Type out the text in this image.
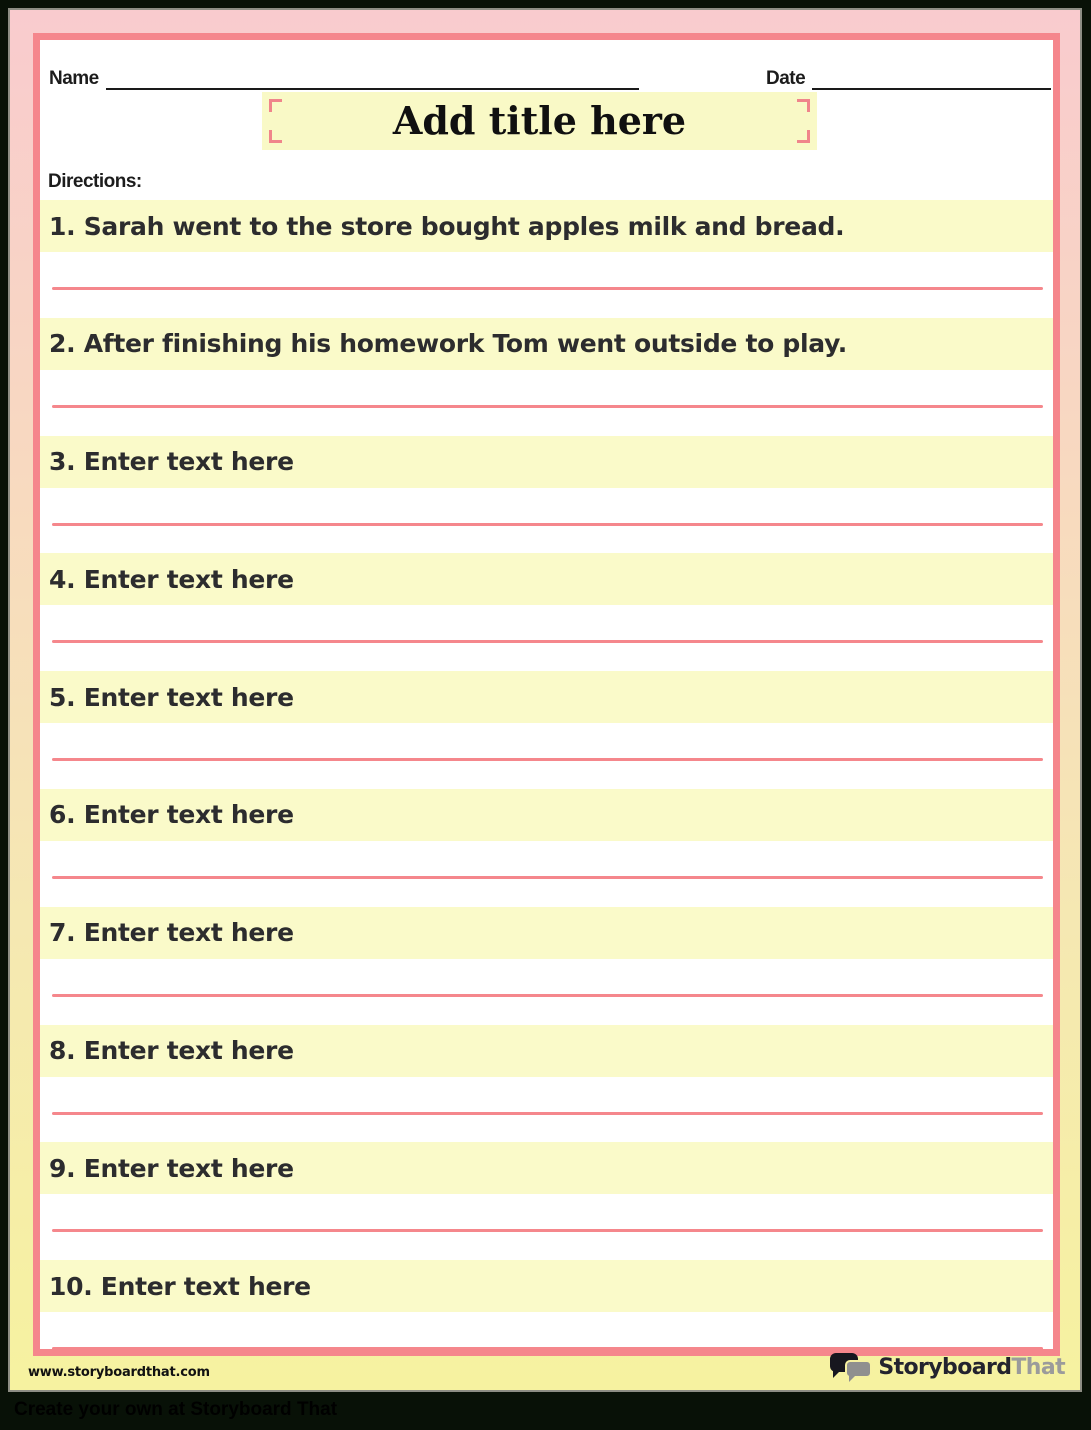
Name	Date
Add title here
Directions:
1. Sarah went to the store bought apples milk and bread.
2. After finishing his homework Tom went outside to play.
3. Enter text here
4. Enter text here
5. Enter text here
6. Enter text here
7. Enter text here
8. Enter text here
9. Enter text here
10. Enter text here
www.storyboardthat.com	Storyboard That
Create your own at Storyboard That
